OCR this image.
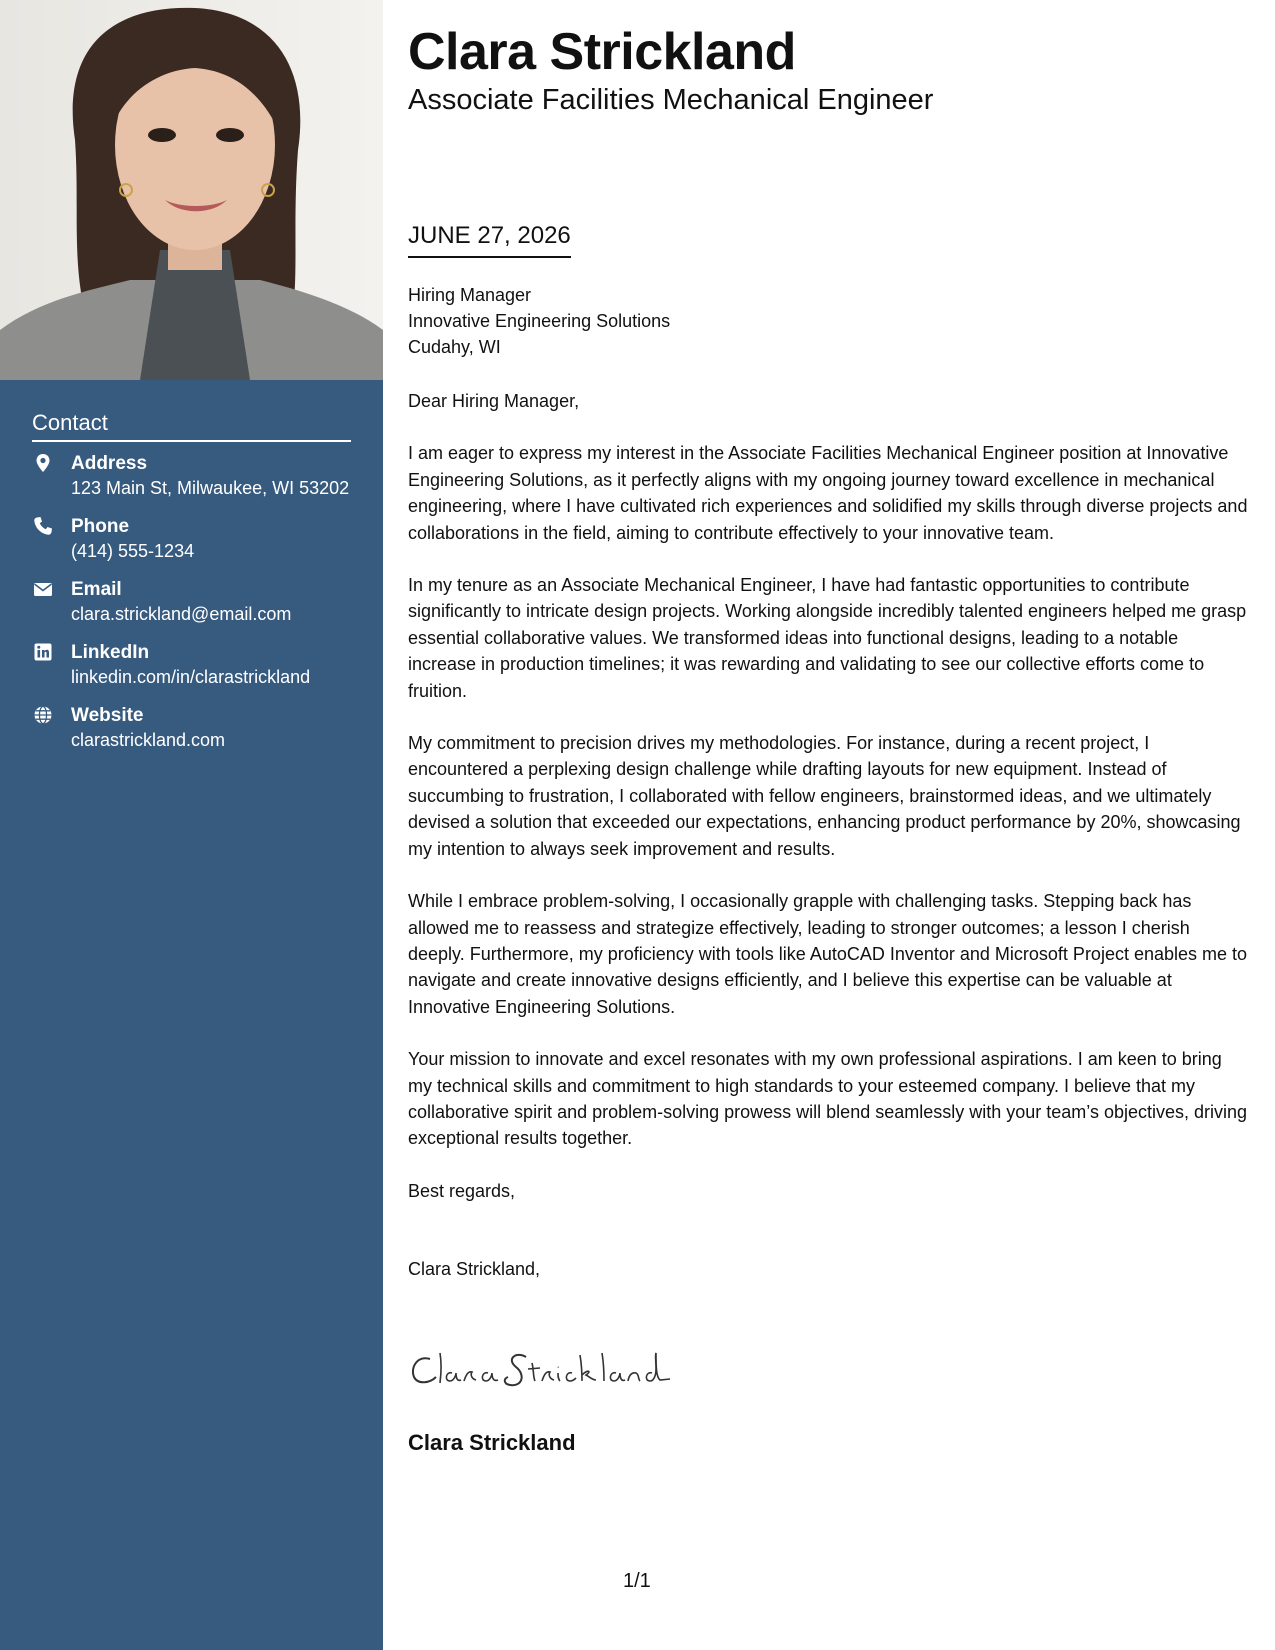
Contact
Address
123 Main St, Milwaukee, WI 53202
Phone
(414) 555-1234
Email
clara.strickland@email.com
LinkedIn
linkedin.com/in/clarastrickland
Website
clarastrickland.com
Clara Strickland
Associate Facilities Mechanical Engineer
JUNE 27, 2026
Hiring Manager
Innovative Engineering Solutions
Cudahy, WI

Dear Hiring Manager,

I am eager to express my interest in the Associate Facilities Mechanical Engineer position at Innovative Engineering Solutions, as it perfectly aligns with my ongoing journey toward excellence in mechanical engineering, where I have cultivated rich experiences and solidified my skills through diverse projects and collaborations in the field, aiming to contribute effectively to your innovative team.

In my tenure as an Associate Mechanical Engineer, I have had fantastic opportunities to contribute significantly to intricate design projects. Working alongside incredibly talented engineers helped me grasp essential collaborative values. We transformed ideas into functional designs, leading to a notable increase in production timelines; it was rewarding and validating to see our collective efforts come to fruition.

My commitment to precision drives my methodologies. For instance, during a recent project, I encountered a perplexing design challenge while drafting layouts for new equipment. Instead of succumbing to frustration, I collaborated with fellow engineers, brainstormed ideas, and we ultimately devised a solution that exceeded our expectations, enhancing product performance by 20%, showcasing my intention to always seek improvement and results.

While I embrace problem-solving, I occasionally grapple with challenging tasks. Stepping back has allowed me to reassess and strategize effectively, leading to stronger outcomes; a lesson I cherish deeply. Furthermore, my proficiency with tools like AutoCAD Inventor and Microsoft Project enables me to navigate and create innovative designs efficiently, and I believe this expertise can be valuable at Innovative Engineering Solutions.

Your mission to innovate and excel resonates with my own professional aspirations. I am keen to bring my technical skills and commitment to high standards to your esteemed company. I believe that my collaborative spirit and problem-solving prowess will blend seamlessly with your team’s objectives, driving exceptional results together.

Best regards,

Clara Strickland,

Clara Strickland
1/1
